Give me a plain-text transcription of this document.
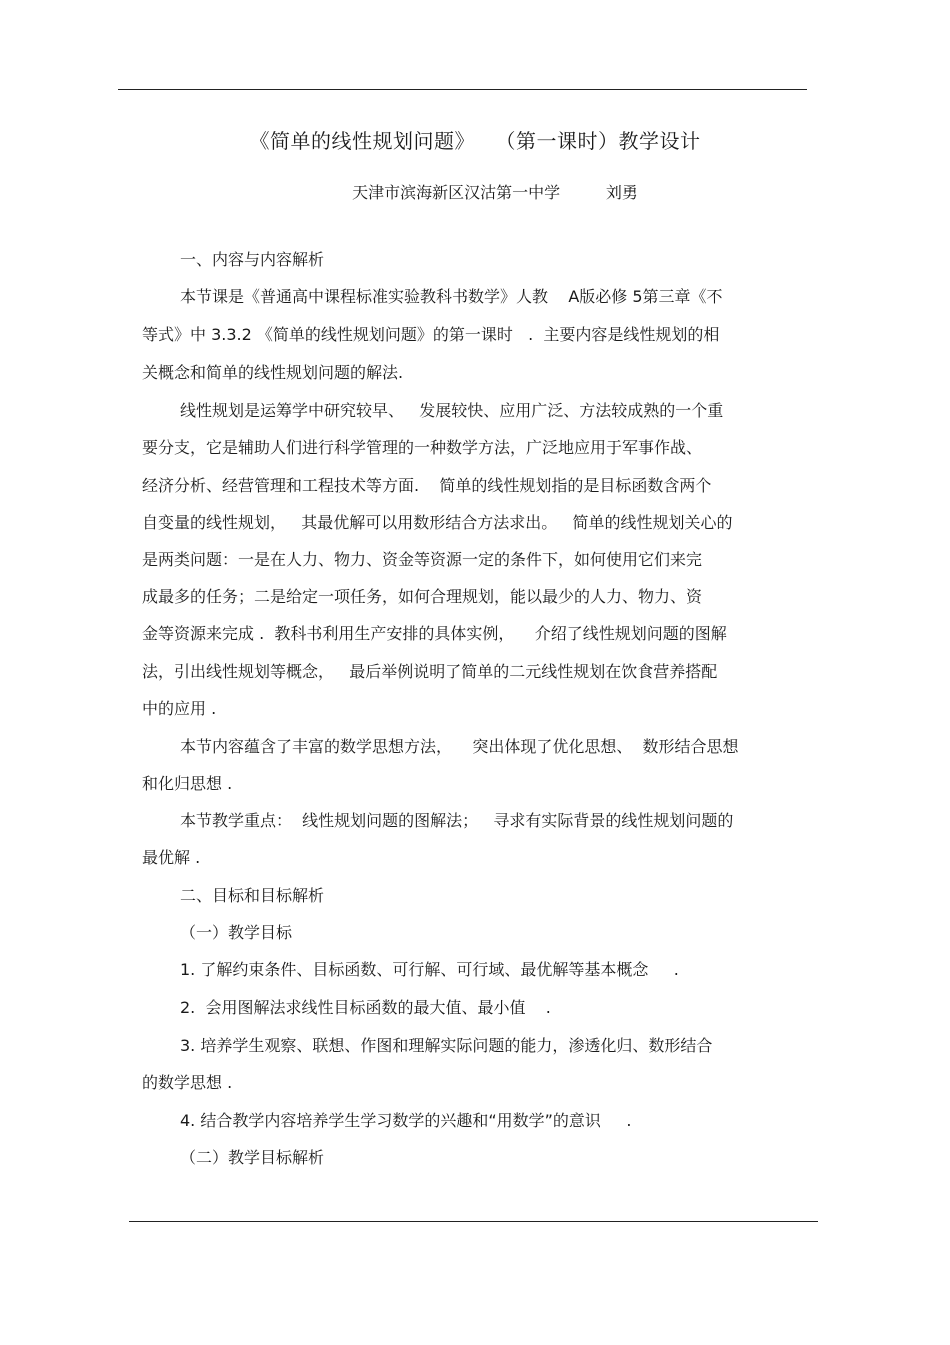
《简单的线性规划问题》   （第一课时）教学设计
天津市滨海新区汉沽第一中学         刘勇
一、内容与内容解析
本节课是《普通高中课程标准实验教科书数学》人教    A版必修 5第三章《不
等式》中 3.3.2 《简单的线性规划问题》的第一课时   .  主要内容是线性规划的相
关概念和简单的线性规划问题的解法.
线性规划是运筹学中研究较早、   发展较快、应用广泛、方法较成熟的一个重
要分支，它是辅助人们进行科学管理的一种数学方法，广泛地应用于军事作战、
经济分析、经营管理和工程技术等方面.    简单的线性规划指的是目标函数含两个
自变量的线性规划，   其最优解可以用数形结合方法求出。   简单的线性规划关心的
是两类问题：一是在人力、物力、资金等资源一定的条件下，如何使用它们来完
成最多的任务；二是给定一项任务，如何合理规划，能以最少的人力、物力、资
金等资源来完成 .  教科书利用生产安排的具体实例，    介绍了线性规划问题的图解
法，引出线性规划等概念，   最后举例说明了简单的二元线性规划在饮食营养搭配
中的应用 .
本节内容蕴含了丰富的数学思想方法，    突出体现了优化思想、  数形结合思想
和化归思想 .
本节教学重点：  线性规划问题的图解法；   寻求有实际背景的线性规划问题的
最优解 .
二、目标和目标解析
（一）教学目标
1. 了解约束条件、目标函数、可行解、可行域、最优解等基本概念     .
2.  会用图解法求线性目标函数的最大值、最小值    .
3. 培养学生观察、联想、作图和理解实际问题的能力，渗透化归、数形结合
的数学思想 .
4. 结合教学内容培养学生学习数学的兴趣和“用数学”的意识     .
（二）教学目标解析
